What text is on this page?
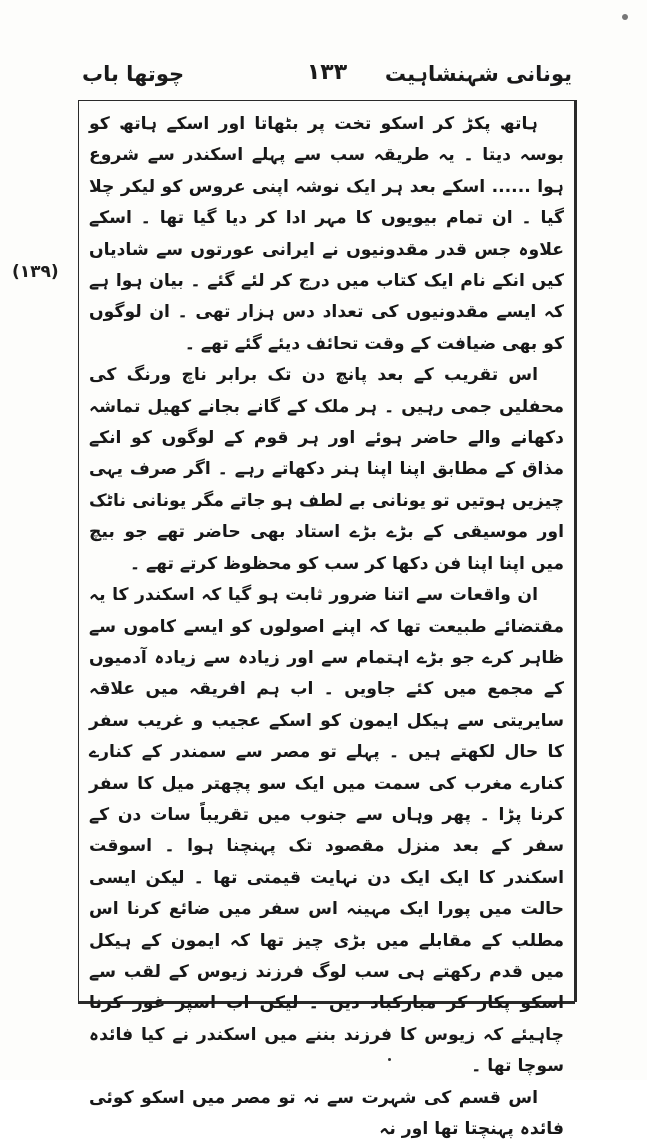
یونانی شہنشاہیت
۱۳۳
چوتھا باب
(۱۳۹)

ہاتھ پکڑ کر اسکو تخت پر بٹھاتا اور اسکے ہاتھ کو بوسہ دیتا ۔ یہ طریقہ سب سے پہلے اسکندر سے شروع ہوا ...... اسکے بعد ہر ایک نوشہ اپنی عروس کو لیکر چلا گیا ۔ ان تمام بیویوں کا مہر ادا کر دیا گیا تھا ۔ اسکے علاوہ جس قدر مقدونیوں نے ایرانی عورتوں سے شادیاں کیں انکے نام ایک کتاب میں درج کر لئے گئے ۔ بیان ہوا ہے کہ ایسے مقدونیوں کی تعداد دس ہزار تھی ۔ ان لوگوں کو بھی ضیافت کے وقت تحائف دیئے گئے تھے ۔

اس تقریب کے بعد پانچ دن تک برابر ناچ ورنگ کی محفلیں جمی رہیں ۔ ہر ملک کے گانے بجانے کھیل تماشہ دکھانے والے حاضر ہوئے اور ہر قوم کے لوگوں کو انکے مذاق کے مطابق اپنا اپنا ہنر دکھاتے رہے ۔ اگر صرف یہی چیزیں ہوتیں تو یونانی بے لطف ہو جاتے مگر یونانی ناٹک اور موسیقی کے بڑے بڑے استاد بھی حاضر تھے جو بیچ میں اپنا اپنا فن دکھا کر سب کو محظوظ کرتے تھے ۔

ان واقعات سے اتنا ضرور ثابت ہو گیا کہ اسکندر کا یہ مقتضائے طبیعت تھا کہ اپنے اصولوں کو ایسے کاموں سے ظاہر کرے جو بڑے اہتمام سے اور زیادہ سے زیادہ آدمیوں کے مجمع میں کئے جاویں ۔ اب ہم افریقہ میں علاقہ سایریتی سے ہیکل ایمون کو اسکے عجیب و غریب سفر کا حال لکھتے ہیں ۔ پہلے تو مصر سے سمندر کے کنارے کنارے مغرب کی سمت میں ایک سو پچھتر میل کا سفر کرنا پڑا ۔ پھر وہاں سے جنوب میں تقریباً سات دن کے سفر کے بعد منزل مقصود تک پہنچنا ہوا ۔ اسوقت اسکندر کا ایک ایک دن نہایت قیمتی تھا ۔ لیکن ایسی حالت میں پورا ایک مہینہ اس سفر میں ضائع کرنا اس مطلب کے مقابلے میں بڑی چیز تھا کہ ایمون کے ہیکل میں قدم رکھتے ہی سب لوگ فرزند زیوس کے لقب سے اسکو پکار کر مبارکباد دیں ۔ لیکن اب اسپر غور کرنا چاہیئے کہ زیوس کا فرزند بننے میں اسکندر نے کیا فائدہ سوچا تھا ۔

اس قسم کی شہرت سے نہ تو مصر میں اسکو کوئی فائدہ پہنچتا تھا اور نہ
